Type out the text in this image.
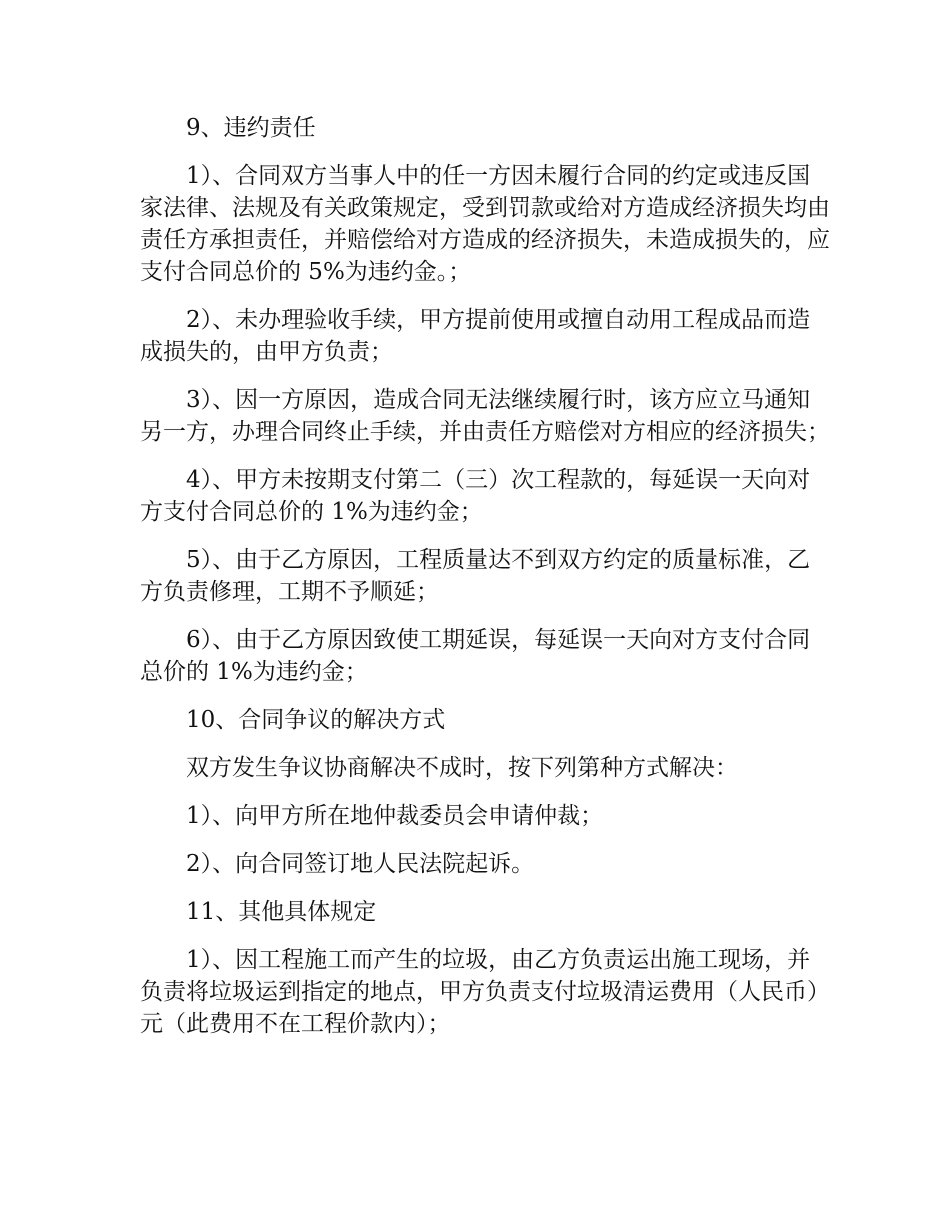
9、违约责任

1）、合同双方当事人中的任一方因未履行合同的约定或违反国家法律、法规及有关政策规定，受到罚款或给对方造成经济损失均由责任方承担责任，并赔偿给对方造成的经济损失，未造成损失的，应支付合同总价的 5%为违约金。；

2）、未办理验收手续，甲方提前使用或擅自动用工程成品而造成损失的，由甲方负责；

3）、因一方原因，造成合同无法继续履行时，该方应立马通知另一方，办理合同终止手续，并由责任方赔偿对方相应的经济损失；

4）、甲方未按期支付第二（三）次工程款的，每延误一天向对方支付合同总价的 1%为违约金；

5）、由于乙方原因，工程质量达不到双方约定的质量标准，乙方负责修理，工期不予顺延；

6）、由于乙方原因致使工期延误，每延误一天向对方支付合同总价的 1%为违约金；

10、合同争议的解决方式

双方发生争议协商解决不成时，按下列第种方式解决：

1）、向甲方所在地仲裁委员会申请仲裁；

2）、向合同签订地人民法院起诉。

11、其他具体规定

1）、因工程施工而产生的垃圾，由乙方负责运出施工现场，并负责将垃圾运到指定的地点，甲方负责支付垃圾清运费用（人民币）元（此费用不在工程价款内）；
